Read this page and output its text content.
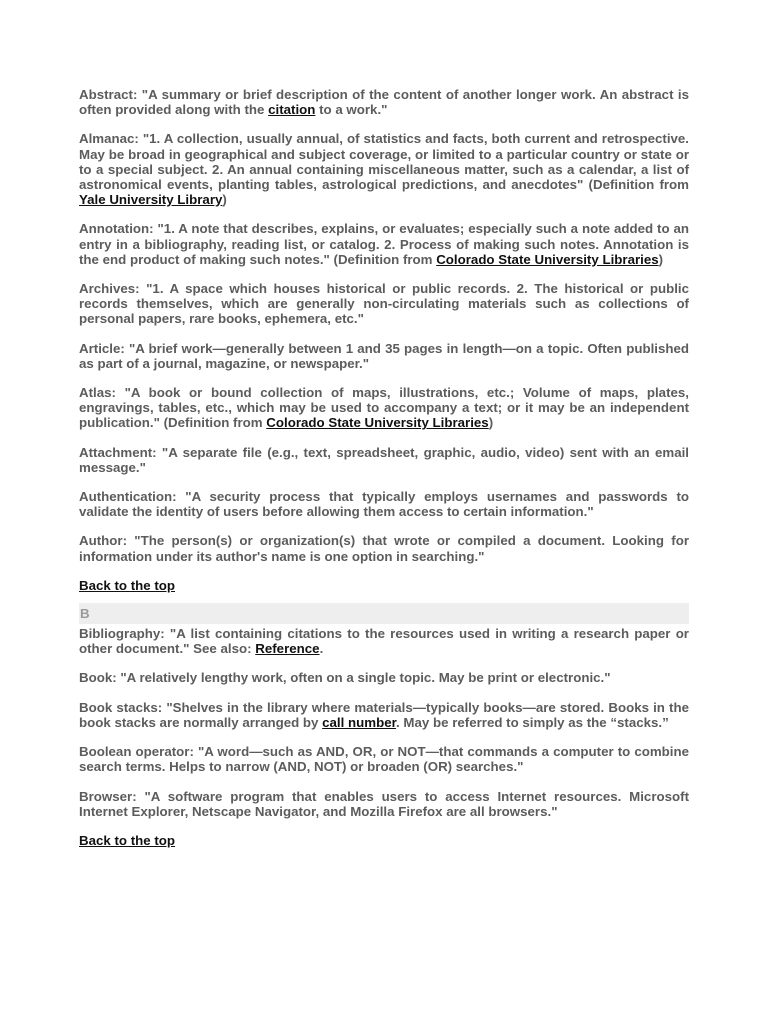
Abstract: "A summary or brief description of the content of another longer work. An abstract is often provided along with the citation to a work."

Almanac: "1. A collection, usually annual, of statistics and facts, both current and retrospective. May be broad in geographical and subject coverage, or limited to a particular country or state or to a special subject. 2. An annual containing miscellaneous matter, such as a calendar, a list of astronomical events, planting tables, astrological predictions, and anecdotes" (Definition from Yale University Library)

Annotation: "1. A note that describes, explains, or evaluates; especially such a note added to an entry in a bibliography, reading list, or catalog. 2. Process of making such notes. Annotation is the end product of making such notes." (Definition from Colorado State University Libraries)

Archives: "1. A space which houses historical or public records. 2. The historical or public records themselves, which are generally non-circulating materials such as collections of personal papers, rare books, ephemera, etc."

Article: "A brief work—generally between 1 and 35 pages in length—on a topic. Often published as part of a journal, magazine, or newspaper."

Atlas: "A book or bound collection of maps, illustrations, etc.; Volume of maps, plates, engravings, tables, etc., which may be used to accompany a text; or it may be an independent publication." (Definition from Colorado State University Libraries)

Attachment: "A separate file (e.g., text, spreadsheet, graphic, audio, video) sent with an email message."

Authentication: "A security process that typically employs usernames and passwords to validate the identity of users before allowing them access to certain information."

Author: "The person(s) or organization(s) that wrote or compiled a document. Looking for information under its author's name is one option in searching."

Back to the top

B

Bibliography: "A list containing citations to the resources used in writing a research paper or other document." See also: Reference.

Book: "A relatively lengthy work, often on a single topic. May be print or electronic."

Book stacks: "Shelves in the library where materials—typically books—are stored. Books in the book stacks are normally arranged by call number. May be referred to simply as the “stacks.”

Boolean operator: "A word—such as AND, OR, or NOT—that commands a computer to combine search terms. Helps to narrow (AND, NOT) or broaden (OR) searches."

Browser: "A software program that enables users to access Internet resources. Microsoft Internet Explorer, Netscape Navigator, and Mozilla Firefox are all browsers."

Back to the top
